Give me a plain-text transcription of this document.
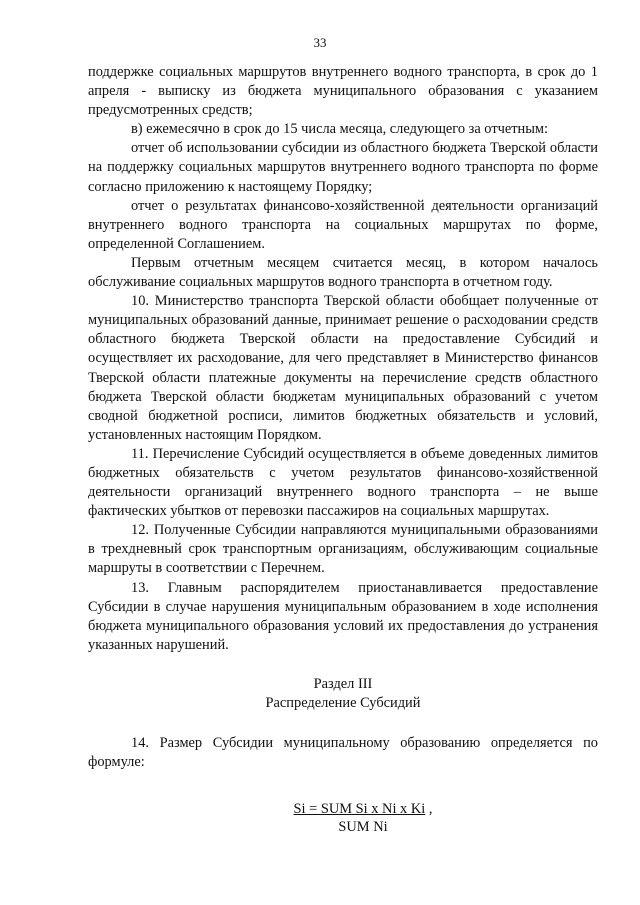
33

поддержке социальных маршрутов внутреннего водного транспорта, в срок до 1 апреля - выписку из бюджета муниципального образования с указанием предусмотренных средств;

в) ежемесячно в срок до 15 числа месяца, следующего за отчетным:

отчет об использовании субсидии из областного бюджета Тверской области на поддержку социальных маршрутов внутреннего водного транспорта по форме согласно приложению к настоящему Порядку;

отчет о результатах финансово-хозяйственной деятельности организаций внутреннего водного транспорта на социальных маршрутах по форме, определенной Соглашением.

Первым отчетным месяцем считается месяц, в котором началось обслуживание социальных маршрутов водного транспорта в отчетном году.

10. Министерство транспорта Тверской области обобщает полученные от муниципальных образований данные, принимает решение о расходовании средств областного бюджета Тверской области на предоставление Субсидий и осуществляет их расходование, для чего представляет в Министерство финансов Тверской области платежные документы на перечисление средств областного бюджета Тверской области бюджетам муниципальных образований с учетом сводной бюджетной росписи, лимитов бюджетных обязательств и условий, установленных настоящим Порядком.

11. Перечисление Субсидий осуществляется в объеме доведенных лимитов бюджетных обязательств с учетом результатов финансово-хозяйственной деятельности организаций внутреннего водного транспорта – не выше фактических убытков от перевозки пассажиров на социальных маршрутах.

12. Полученные Субсидии направляются муниципальными образованиями в трехдневный срок транспортным организациям, обслуживающим социальные маршруты в соответствии с Перечнем.

13. Главным распорядителем приостанавливается предоставление Субсидии в случае нарушения муниципальным образованием в ходе исполнения бюджета муниципального образования условий их предоставления до устранения указанных нарушений.

Раздел III
Распределение Субсидий

14. Размер Субсидии муниципальному образованию определяется по формуле:

Si = SUM Si x Ni x Ki ,
SUM Ni
